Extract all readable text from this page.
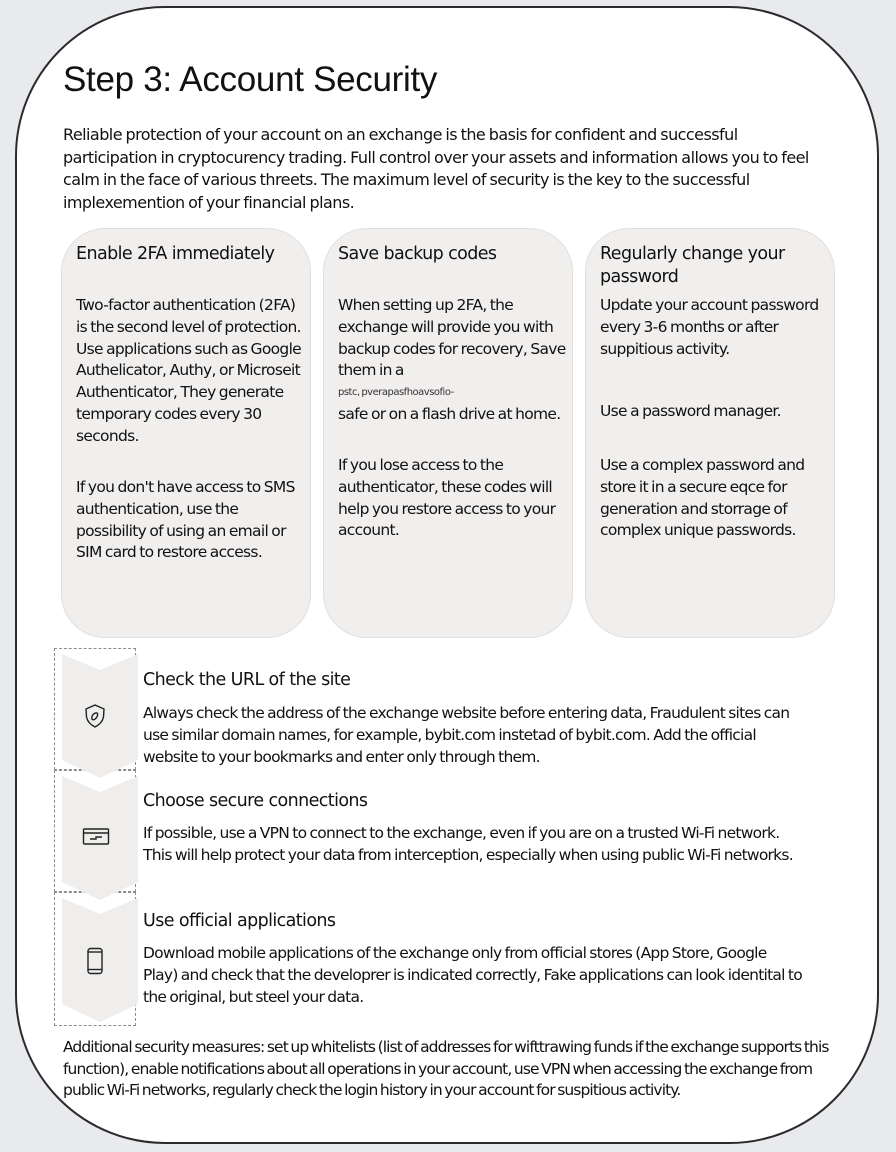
Step 3: Account Security

Reliable protection of your account on an exchange is the basis for confident and successful participation in cryptocurency trading. Full control over your assets and information allows you to feel calm in the face of various threets. The maximum level of security is the key to the successful implexemention of your financial plans.

Enable 2FA immediately

Two-factor authentication (2FA) is the second level of protection. Use applications such as Google Authelicator, Authy, or Microseit Authenticator, They generate temporary codes every 30 seconds.

If you don't have access to SMS authentication, use the possibility of using an email or SIM card to restore access.

Save backup codes

When setting up 2FA, the exchange will provide you with backup codes for recovery, Save them in a

pstc, pverapasfhoavsofio-

safe or on a flash drive at home.

If you lose access to the authenticator, these codes will help you restore access to your account.

Regularly change your password

Update your account password every 3-6 months or after suppitious activity.

Use a password manager.

Use a complex password and store it in a secure eqce for generation and storrage of complex unique passwords.

Check the URL of the site

Always check the address of the exchange website before entering data, Fraudulent sites can use similar domain names, for example, bybit.com instetad of bybit.com. Add the official website to your bookmarks and enter only through them.

Choose secure connections

If possible, use a VPN to connect to the exchange, even if you are on a trusted Wi-Fi network. This will help protect your data from interception, especially when using public Wi-Fi networks.

Use official applications

Download mobile applications of the exchange only from official stores (App Store, Google Play) and check that the developrer is indicated correctly, Fake applications can look identital to the original, but steel your data.

Additional security measures: set up whitelists (list of addresses for wifttrawing funds if the exchange supports this function), enable notifications about all operations in your account, use VPN when accessing the exchange from public Wi-Fi networks, regularly check the login history in your account for suspitious activity.
